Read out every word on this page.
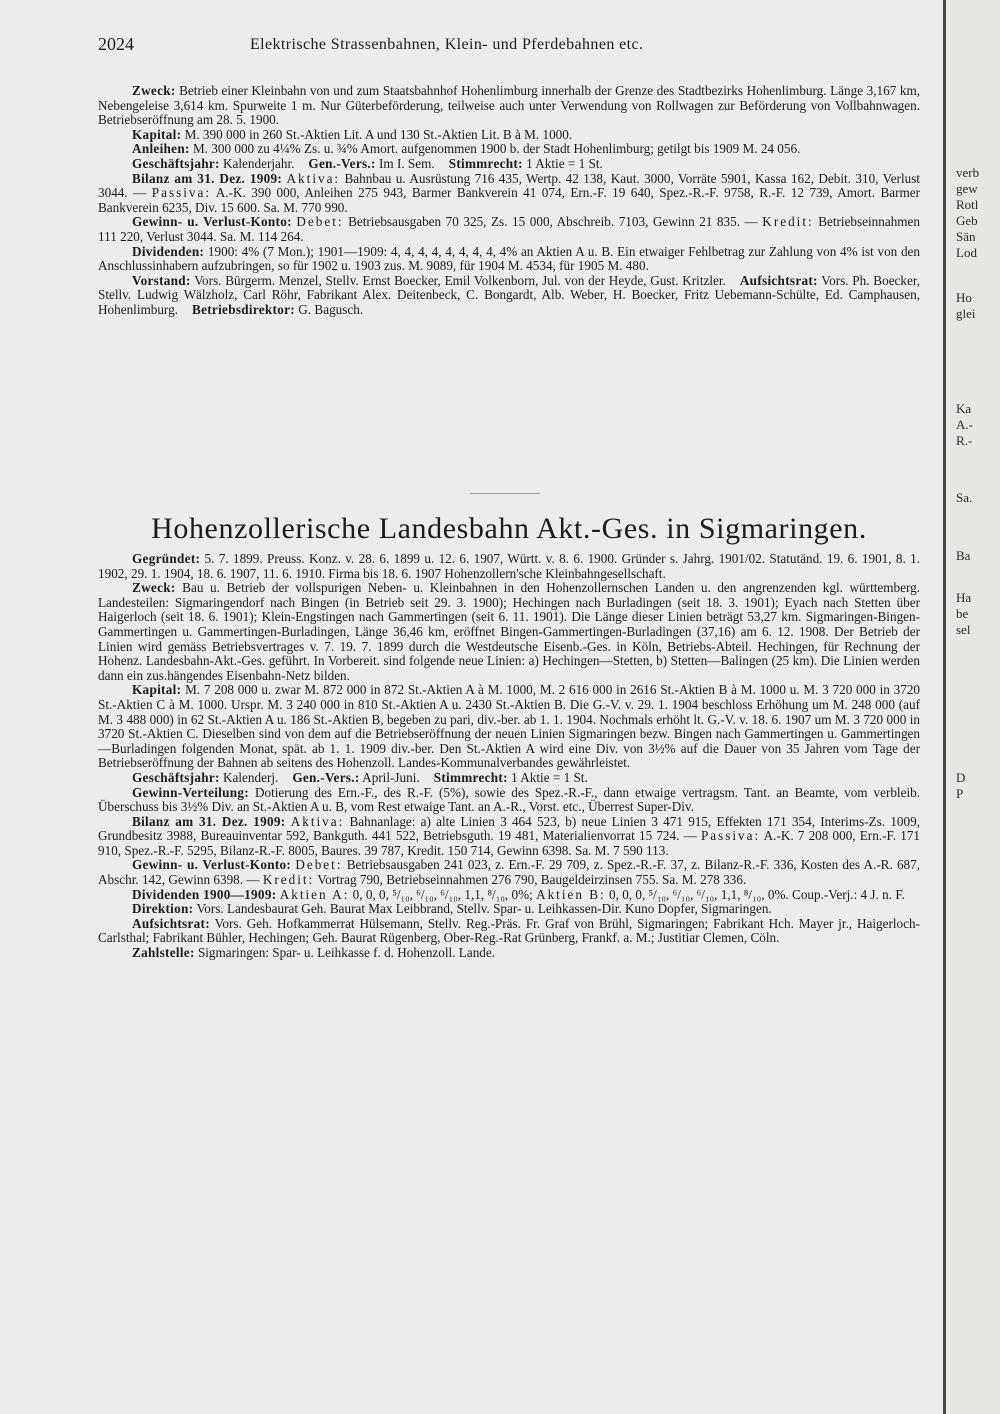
2024	Elektrische Strassenbahnen, Klein- und Pferdebahnen etc.

Zweck: Betrieb einer Kleinbahn von und zum Staatsbahnhof Hohenlimburg innerhalb der Grenze des Stadtbezirks Hohenlimburg. Länge 3,167 km, Nebengeleise 3,614 km. Spurweite 1 m. Nur Güterbeförderung, teilweise auch unter Verwendung von Rollwagen zur Beförderung von Vollbahnwagen. Betriebseröffnung am 28. 5. 1900.

Kapital: M. 390 000 in 260 St.-Aktien Lit. A und 130 St.-Aktien Lit. B à M. 1000.

Anleihen: M. 300 000 zu 4¼% Zs. u. ¾% Amort. aufgenommen 1900 b. der Stadt Hohenlimburg; getilgt bis 1909 M. 24 056.

Geschäftsjahr: Kalenderjahr. Gen.-Vers.: Im I. Sem. Stimmrecht: 1 Aktie = 1 St.

Bilanz am 31. Dez. 1909: Aktiva: Bahnbau u. Ausrüstung 716 435, Wertp. 42 138, Kaut. 3000, Vorräte 5901, Kassa 162, Debit. 310, Verlust 3044. — Passiva: A.-K. 390 000, Anleihen 275 943, Barmer Bankverein 41 074, Ern.-F. 19 640, Spez.-R.-F. 9758, R.-F. 12 739, Amort. Barmer Bankverein 6235, Div. 15 600. Sa. M. 770 990.

Gewinn- u. Verlust-Konto: Debet: Betriebsausgaben 70 325, Zs. 15 000, Abschreib. 7103, Gewinn 21 835. — Kredit: Betriebseinnahmen 111 220, Verlust 3044. Sa. M. 114 264.

Dividenden: 1900: 4% (7 Mon.); 1901—1909: 4, 4, 4, 4, 4, 4, 4, 4, 4% an Aktien A u. B. Ein etwaiger Fehlbetrag zur Zahlung von 4% ist von den Anschlussinhabern aufzubringen, so für 1902 u. 1903 zus. M. 9089, für 1904 M. 4534, für 1905 M. 480.

Vorstand: Vors. Bürgerm. Menzel, Stellv. Ernst Boecker, Emil Volkenborn, Jul. von der Heyde, Gust. Kritzler. Aufsichtsrat: Vors. Ph. Boecker, Stellv. Ludwig Wälzholz, Carl Röhr, Fabrikant Alex. Deitenbeck, C. Bongardt, Alb. Weber, H. Boecker, Fritz Uebemann-Schülte, Ed. Camphausen, Hohenlimburg. Betriebsdirektor: G. Bagusch.

Hohenzollerische Landesbahn Akt.-Ges. in Sigmaringen.

Gegründet: 5. 7. 1899. Preuss. Konz. v. 28. 6. 1899 u. 12. 6. 1907, Württ. v. 8. 6. 1900. Gründer s. Jahrg. 1901/02. Statutänd. 19. 6. 1901, 8. 1. 1902, 29. 1. 1904, 18. 6. 1907, 11. 6. 1910. Firma bis 18. 6. 1907 Hohenzollern'sche Kleinbahngesellschaft.

Zweck: Bau u. Betrieb der vollspurigen Neben- u. Kleinbahnen in den Hohenzollernschen Landen u. den angrenzenden kgl. württemberg. Landesteilen: Sigmaringendorf nach Bingen (in Betrieb seit 29. 3. 1900); Hechingen nach Burladingen (seit 18. 3. 1901); Eyach nach Stetten über Haigerloch (seit 18. 6. 1901); Klein-Engstingen nach Gammertingen (seit 6. 11. 1901). Die Länge dieser Linien beträgt 53,27 km. Sigmaringen-Bingen-Gammertingen u. Gammertingen-Burladingen, Länge 36,46 km, eröffnet Bingen-Gammertingen-Burladingen (37,16) am 6. 12. 1908. Der Betrieb der Linien wird gemäss Betriebsvertrages v. 7. 19. 7. 1899 durch die Westdeutsche Eisenb.-Ges. in Köln, Betriebs-Abteil. Hechingen, für Rechnung der Hohenz. Landesbahn-Akt.-Ges. geführt. In Vorbereit. sind folgende neue Linien: a) Hechingen—Stetten, b) Stetten—Balingen (25 km). Die Linien werden dann ein zus.hängendes Eisenbahn-Netz bilden.

Kapital: M. 7 208 000 u. zwar M. 872 000 in 872 St.-Aktien A à M. 1000, M. 2 616 000 in 2616 St.-Aktien B à M. 1000 u. M. 3 720 000 in 3720 St.-Aktien C à M. 1000. Urspr. M. 3 240 000 in 810 St.-Aktien A u. 2430 St.-Aktien B. Die G.-V. v. 29. 1. 1904 beschloss Erhöhung um M. 248 000 (auf M. 3 488 000) in 62 St.-Aktien A u. 186 St.-Aktien B, begeben zu pari, div.-ber. ab 1. 1. 1904. Nochmals erhöht lt. G.-V. v. 18. 6. 1907 um M. 3 720 000 in 3720 St.-Aktien C. Dieselben sind von dem auf die Betriebseröffnung der neuen Linien Sigmaringen bezw. Bingen nach Gammertingen u. Gammertingen—Burladingen folgenden Monat, spät. ab 1. 1. 1909 div.-ber. Den St.-Aktien A wird eine Div. von 3½% auf die Dauer von 35 Jahren vom Tage der Betriebseröffnung der Bahnen ab seitens des Hohenzoll. Landes-Kommunalverbandes gewährleistet.

Geschäftsjahr: Kalenderj. Gen.-Vers.: April-Juni. Stimmrecht: 1 Aktie = 1 St.

Gewinn-Verteilung: Dotierung des Ern.-F., des R.-F. (5%), sowie des Spez.-R.-F., dann etwaige vertragsm. Tant. an Beamte, vom verbleib. Überschuss bis 3½% Div. an St.-Aktien A u. B, vom Rest etwaige Tant. an A.-R., Vorst. etc., Überrest Super-Div.

Bilanz am 31. Dez. 1909: Aktiva: Bahnanlage: a) alte Linien 3 464 523, b) neue Linien 3 471 915, Effekten 171 354, Interims-Zs. 1009, Grundbesitz 3988, Bureauinventar 592, Bankguth. 441 522, Betriebsguth. 19 481, Materialienvorrat 15 724. — Passiva: A.-K. 7 208 000, Ern.-F. 171 910, Spez.-R.-F. 5295, Bilanz-R.-F. 8005, Baures. 39 787, Kredit. 150 714, Gewinn 6398. Sa. M. 7 590 113.

Gewinn- u. Verlust-Konto: Debet: Betriebsausgaben 241 023, z. Ern.-F. 29 709, z. Spez.-R.-F. 37, z. Bilanz-R.-F. 336, Kosten des A.-R. 687, Abschr. 142, Gewinn 6398. — Kredit: Vortrag 790, Betriebseinnahmen 276 790, Baugeldeirzinsen 755. Sa. M. 278 336.

Dividenden 1900—1909: Aktien A: 0, 0, 0, ⁵/₁₀, ⁶/₁₀, ⁶/₁₀, 1,1, ⁸/₁₀, 0%; Aktien B: 0, 0, 0, ⁵/₁₀, ⁶/₁₀, ⁶/₁₀, 1,1, ⁸/₁₀, 0%. Coup.-Verj.: 4 J. n. F.

Direktion: Vors. Landesbaurat Geh. Baurat Max Leibbrand, Stellv. Spar- u. Leihkassen-Dir. Kuno Dopfer, Sigmaringen.

Aufsichtsrat: Vors. Geh. Hofkammerrat Hülsemann, Stellv. Reg.-Präs. Fr. Graf von Brühl, Sigmaringen; Fabrikant Hch. Mayer jr., Haigerloch-Carlsthal; Fabrikant Bühler, Hechingen; Geh. Baurat Rügenberg, Ober-Reg.-Rat Grünberg, Frankf. a. M.; Justitiar Clemen, Cöln.

Zahlstelle: Sigmaringen: Spar- u. Leihkasse f. d. Hohenzoll. Lande.

verb
gew
Rotl
Geb
Sän
Lod
Ho
glei
Ka
A.-
R.-
Sa.
Ba
Ha
be
sel
D
P
